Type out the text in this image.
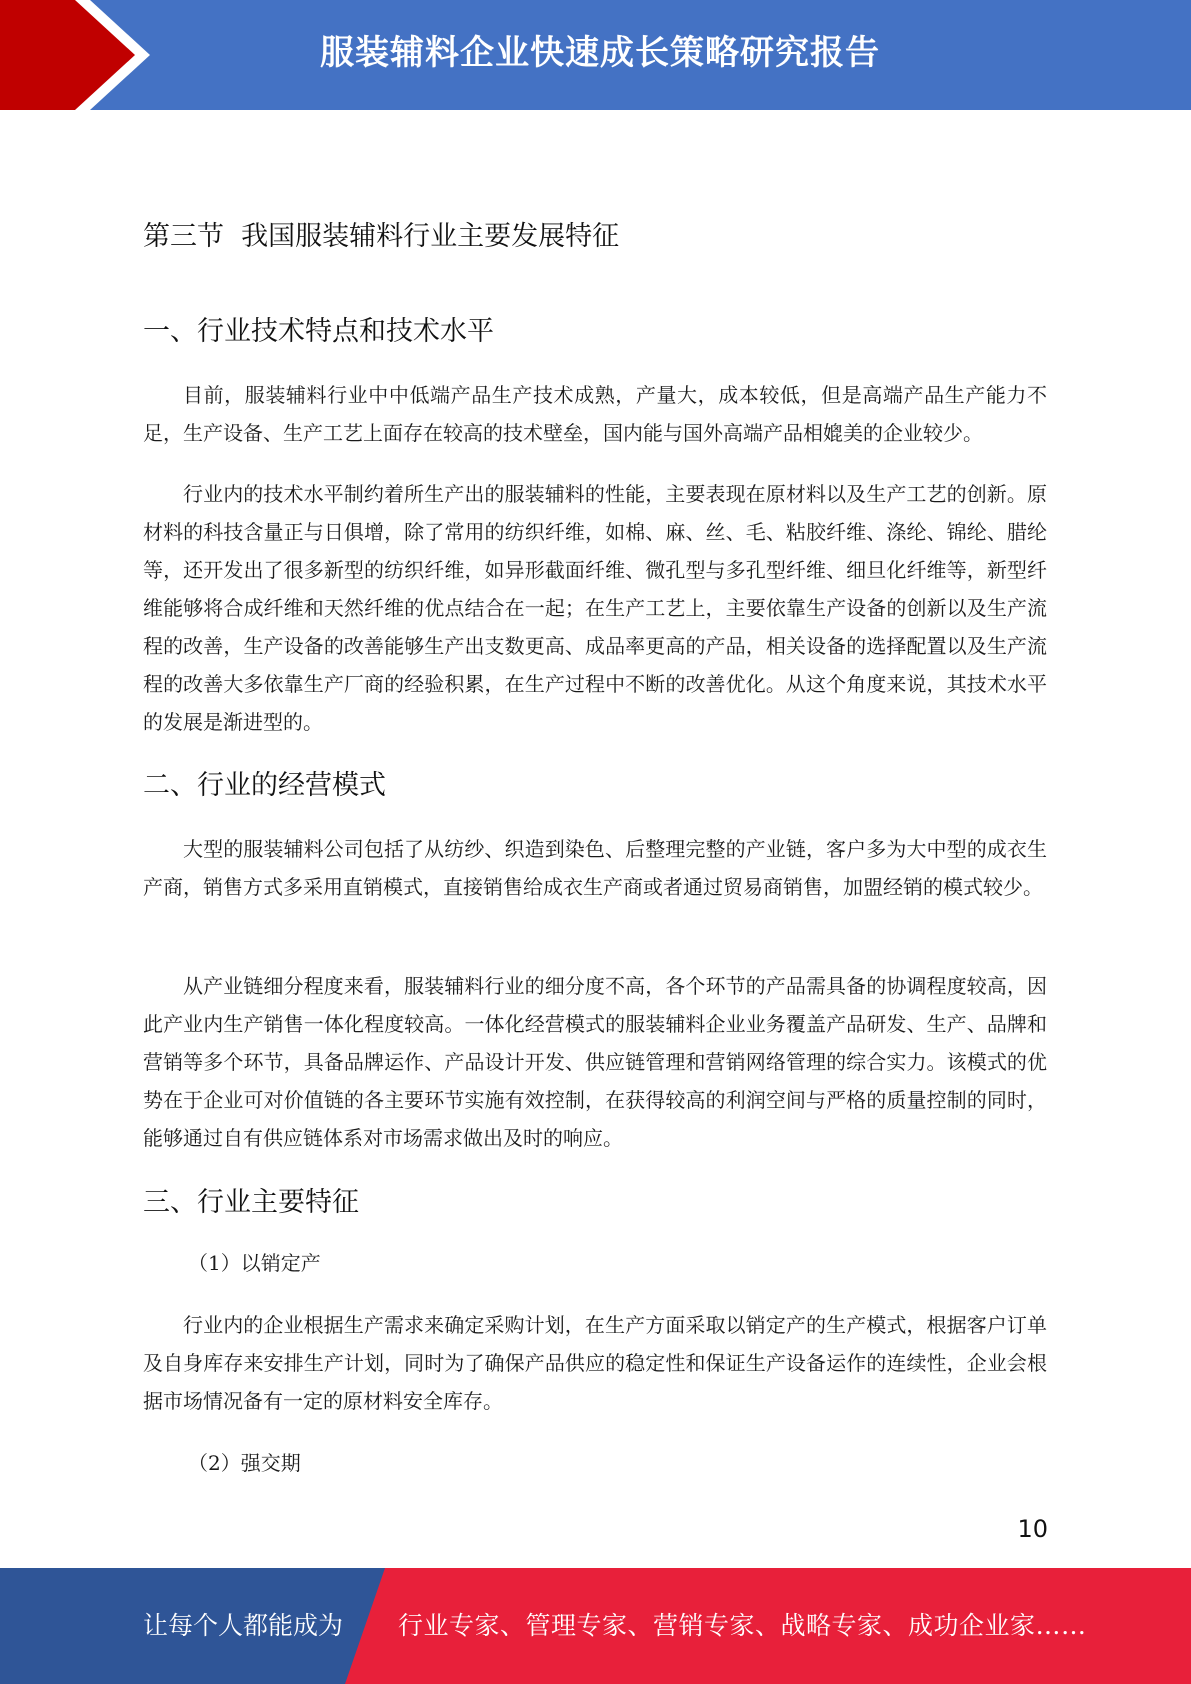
服装辅料企业快速成长策略研究报告
第三节  我国服装辅料行业主要发展特征
一、行业技术特点和技术水平
目前，服装辅料行业中中低端产品生产技术成熟，产量大，成本较低，但是高端产品生产能力不足，生产设备、生产工艺上面存在较高的技术壁垒，国内能与国外高端产品相媲美的企业较少。
行业内的技术水平制约着所生产出的服装辅料的性能，主要表现在原材料以及生产工艺的创新。原材料的科技含量正与日俱增，除了常用的纺织纤维，如棉、麻、丝、毛、粘胶纤维、涤纶、锦纶、腊纶等，还开发出了很多新型的纺织纤维，如异形截面纤维、微孔型与多孔型纤维、细旦化纤维等，新型纤维能够将合成纤维和天然纤维的优点结合在一起；在生产工艺上，主要依靠生产设备的创新以及生产流程的改善，生产设备的改善能够生产出支数更高、成品率更高的产品，相关设备的选择配置以及生产流程的改善大多依靠生产厂商的经验积累，在生产过程中不断的改善优化。从这个角度来说，其技术水平的发展是渐进型的。
二、行业的经营模式
大型的服装辅料公司包括了从纺纱、织造到染色、后整理完整的产业链，客户多为大中型的成衣生产商，销售方式多采用直销模式，直接销售给成衣生产商或者通过贸易商销售，加盟经销的模式较少。
从产业链细分程度来看，服装辅料行业的细分度不高，各个环节的产品需具备的协调程度较高，因此产业内生产销售一体化程度较高。一体化经营模式的服装辅料企业业务覆盖产品研发、生产、品牌和营销等多个环节，具备品牌运作、产品设计开发、供应链管理和营销网络管理的综合实力。该模式的优势在于企业可对价值链的各主要环节实施有效控制，在获得较高的利润空间与严格的质量控制的同时，能够通过自有供应链体系对市场需求做出及时的响应。
三、行业主要特征
（1）以销定产
行业内的企业根据生产需求来确定采购计划，在生产方面采取以销定产的生产模式，根据客户订单及自身库存来安排生产计划，同时为了确保产品供应的稳定性和保证生产设备运作的连续性，企业会根据市场情况备有一定的原材料安全库存。
（2）强交期
10
让每个人都能成为 行业专家、管理专家、营销专家、战略专家、成功企业家……
